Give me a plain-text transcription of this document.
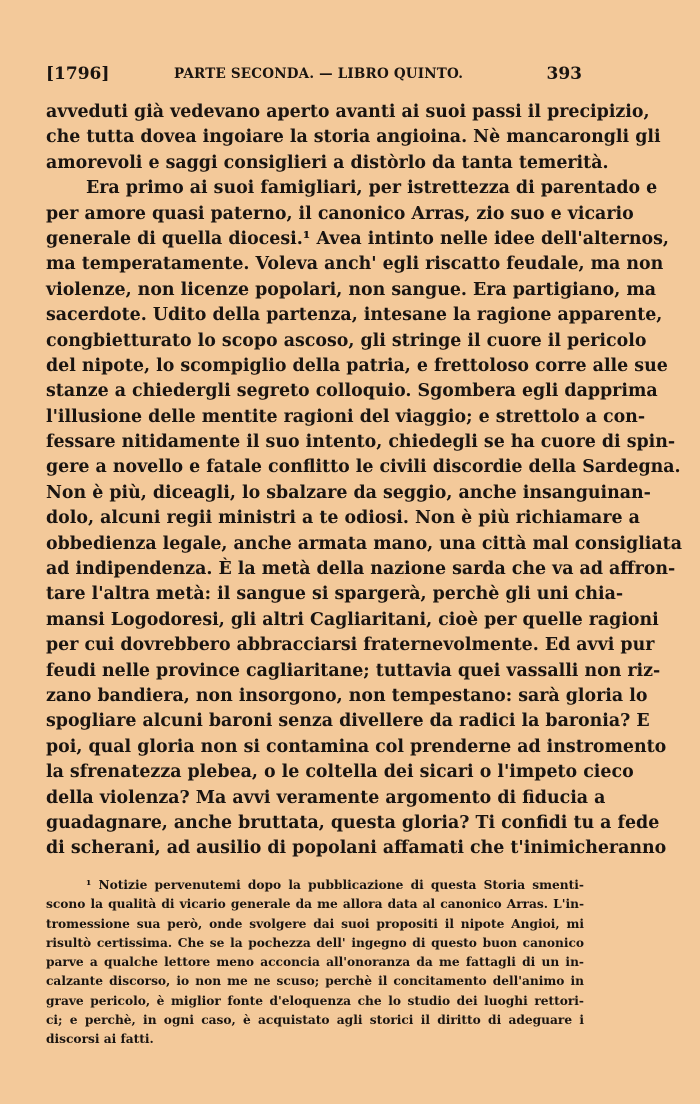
[1796]	PARTE SECONDA. — LIBRO QUINTO.	393
avveduti già vedevano aperto avanti ai suoi passi il precipizio,
che tutta dovea ingoiare la storia angioina. Nè mancarongli gli
amorevoli e saggi consiglieri a distòrlo da tanta temerità.
Era primo ai suoi famigliari, per istrettezza di parentado e
per amore quasi paterno, il canonico Arras, zio suo e vicario
generale di quella diocesi.¹ Avea intinto nelle idee dell'alternos,
ma temperatamente. Voleva anch' egli riscatto feudale, ma non
violenze, non licenze popolari, non sangue. Era partigiano, ma
sacerdote. Udito della partenza, intesane la ragione apparente,
congbietturato lo scopo ascoso, gli stringe il cuore il pericolo
del nipote, lo scompiglio della patria, e frettoloso corre alle sue
stanze a chiedergli segreto colloquio. Sgombera egli dapprima
l'illusione delle mentite ragioni del viaggio; e strettolo a con-
fessare nitidamente il suo intento, chiedegli se ha cuore di spin-
gere a novello e fatale conflitto le civili discordie della Sardegna.
Non è più, diceagli, lo sbalzare da seggio, anche insanguinan-
dolo, alcuni regii ministri a te odiosi. Non è più richiamare a
obbedienza legale, anche armata mano, una città mal consigliata
ad indipendenza. È la metà della nazione sarda che va ad affron-
tare l'altra metà: il sangue si spargerà, perchè gli uni chia-
mansi Logodoresi, gli altri Cagliaritani, cioè per quelle ragioni
per cui dovrebbero abbracciarsi fraternevolmente. Ed avvi pur
feudi nelle province cagliaritane; tuttavia quei vassalli non riz-
zano bandiera, non insorgono, non tempestano: sarà gloria lo
spogliare alcuni baroni senza divellere da radici la baronia? E
poi, qual gloria non si contamina col prenderne ad instromento
la sfrenatezza plebea, o le coltella dei sicari o l'impeto cieco
della violenza? Ma avvi veramente argomento di fiducia a
guadagnare, anche bruttata, questa gloria? Ti confidi tu a fede
di scherani, ad ausilio di popolani affamati che t'inimicheranno
¹ Notizie pervenutemi dopo la pubblicazione di questa Storia smenti-
scono la qualità di vicario generale da me allora data al canonico Arras. L'in-
tromessione sua però, onde svolgere dai suoi propositi il nipote Angioi, mi
risultò certissima. Che se la pochezza dell' ingegno di questo buon canonico
parve a qualche lettore meno acconcia all'onoranza da me fattagli di un in-
calzante discorso, io non me ne scuso; perchè il concitamento dell'animo in
grave pericolo, è miglior fonte d'eloquenza che lo studio dei luoghi rettori-
ci; e perchè, in ogni caso, è acquistato agli storici il diritto di adeguare i
discorsi ai fatti.
